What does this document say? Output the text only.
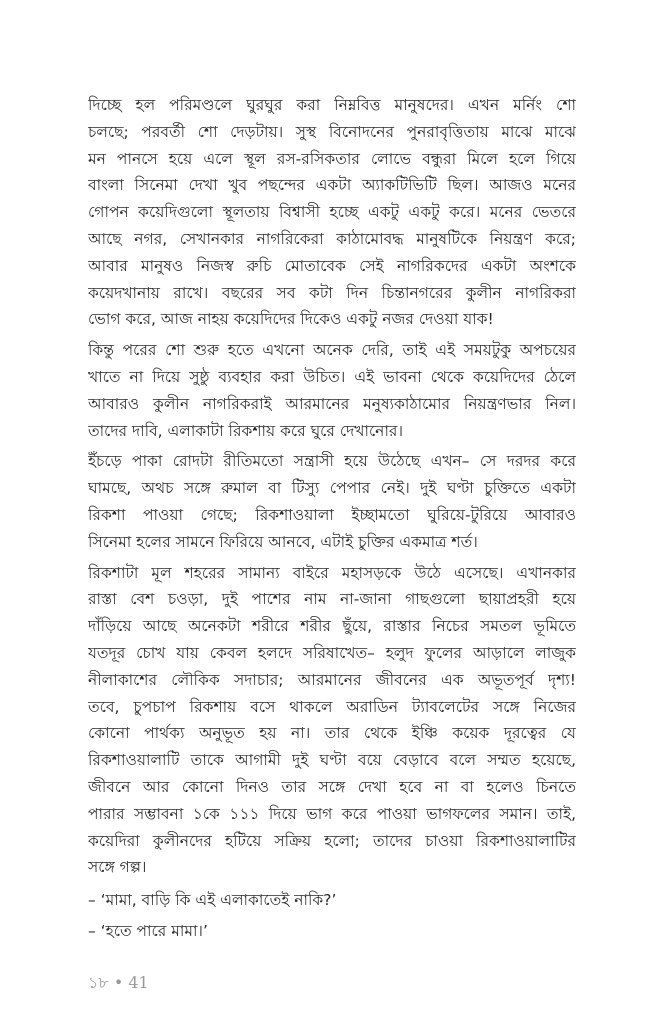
দিচ্ছে হল পরিমণ্ডলে ঘুরঘুর করা নিম্নবিত্ত মানুষদের। এখন মর্নিং শো
চলছে; পরবর্তী শো দেড়টায়। সুস্থ বিনোদনের পুনরাবৃত্তিতায় মাঝে মাঝে
মন পানসে হয়ে এলে স্থূল রস-রসিকতার লোভে বন্ধুরা মিলে হলে গিয়ে
বাংলা সিনেমা দেখা খুব পছন্দের একটা অ্যাকটিভিটি ছিল। আজও মনের
গোপন কয়েদিগুলো স্থূলতায় বিশ্বাসী হচ্ছে একটু একটু করে। মনের ভেতরে
আছে নগর, সেখানকার নাগরিকেরা কাঠামোবদ্ধ মানুষটিকে নিয়ন্ত্রণ করে;
আবার মানুষও নিজস্ব রুচি মোতাবেক সেই নাগরিকদের একটা অংশকে
কয়েদখানায় রাখে। বছরের সব কটা দিন চিন্তানগরের কুলীন নাগরিকরা
ভোগ করে, আজ নাহয় কয়েদিদের দিকেও একটু নজর দেওয়া যাক!
কিন্তু পরের শো শুরু হতে এখনো অনেক দেরি, তাই এই সময়টুকু অপচয়ের
খাতে না দিয়ে সুষ্ঠু ব্যবহার করা উচিত। এই ভাবনা থেকে কয়েদিদের ঠেলে
আবারও কুলীন নাগরিকরাই আরমানের মনুষ্যকাঠামোর নিয়ন্ত্রণভার নিল।
তাদের দাবি, এলাকাটা রিকশায় করে ঘুরে দেখানোর।
ইঁচড়ে পাকা রোদটা রীতিমতো সন্ত্রাসী হয়ে উঠেছে এখন– সে দরদর করে
ঘামছে, অথচ সঙ্গে রুমাল বা টিস্যু পেপার নেই। দুই ঘণ্টা চুক্তিতে একটা
রিকশা পাওয়া গেছে; রিকশাওয়ালা ইচ্ছামতো ঘুরিয়ে-টুরিয়ে আবারও
সিনেমা হলের সামনে ফিরিয়ে আনবে, এটাই চুক্তির একমাত্র শর্ত।
রিকশাটা মূল শহরের সামান্য বাইরে মহাসড়কে উঠে এসেছে। এখানকার
রাস্তা বেশ চওড়া, দুই পাশের নাম না-জানা গাছগুলো ছায়াপ্রহরী হয়ে
দাঁড়িয়ে আছে অনেকটা শরীরে শরীর ছুঁয়ে, রাস্তার নিচের সমতল ভূমিতে
যতদূর চোখ যায় কেবল হলদে সরিষাখেত– হলুদ ফুলের আড়ালে লাজুক
নীলাকাশের লৌকিক সদাচার; আরমানের জীবনের এক অভূতপূর্ব দৃশ্য!
তবে, চুপচাপ রিকশায় বসে থাকলে অরাডিন ট্যাবলেটের সঙ্গে নিজের
কোনো পার্থক্য অনুভূত হয় না। তার থেকে ইঞ্চি কয়েক দূরত্বের যে
রিকশাওয়ালাটি তাকে আগামী দুই ঘণ্টা বয়ে বেড়াবে বলে সম্মত হয়েছে,
জীবনে আর কোনো দিনও তার সঙ্গে দেখা হবে না বা হলেও চিনতে
পারার সম্ভাবনা ১কে ১১১ দিয়ে ভাগ করে পাওয়া ভাগফলের সমান। তাই,
কয়েদিরা কুলীনদের হটিয়ে সক্রিয় হলো; তাদের চাওয়া রিকশাওয়ালাটির
সঙ্গে গল্প।
– ‘মামা, বাড়ি কি এই এলাকাতেই নাকি?’
– ‘হতে পারে মামা।’
১৮ • 41
